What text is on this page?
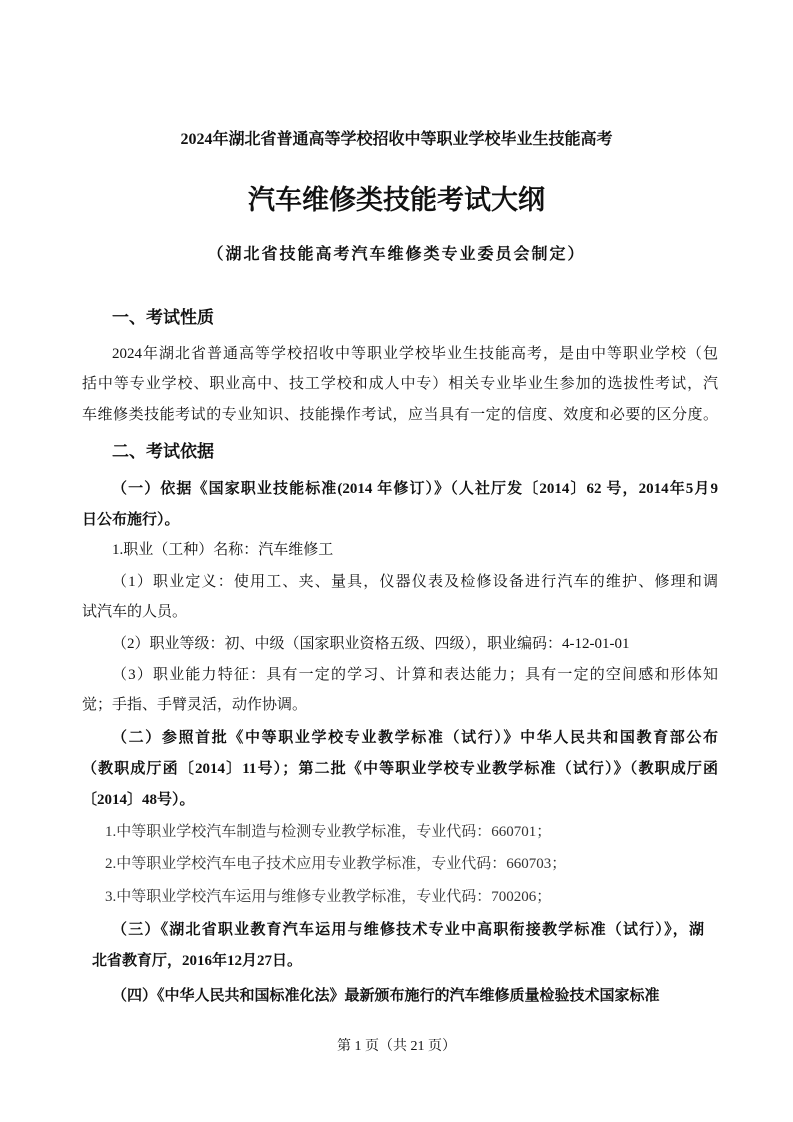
2024年湖北省普通高等学校招收中等职业学校毕业生技能高考
汽车维修类技能考试大纲
（湖北省技能高考汽车维修类专业委员会制定）
一、考试性质
2024年湖北省普通高等学校招收中等职业学校毕业生技能高考，是由中等职业学校（包
括中等专业学校、职业高中、技工学校和成人中专）相关专业毕业生参加的选拔性考试，汽
车维修类技能考试的专业知识、技能操作考试，应当具有一定的信度、效度和必要的区分度。
二、考试依据
（一）依据《国家职业技能标准(2014 年修订）》（人社厅发〔2014〕62 号，2014年5月9
日公布施行）。
1.职业（工种）名称：汽车维修工
（1）职业定义：使用工、夹、量具，仪器仪表及检修设备进行汽车的维护、修理和调
试汽车的人员。
（2）职业等级：初、中级（国家职业资格五级、四级），职业编码：4-12-01-01
（3）职业能力特征：具有一定的学习、计算和表达能力；具有一定的空间感和形体知
觉；手指、手臂灵活，动作协调。
（二）参照首批《中等职业学校专业教学标准（试行）》中华人民共和国教育部公布
（教职成厅函〔2014〕11号）；第二批《中等职业学校专业教学标准（试行）》（教职成厅函
〔2014〕48号）。
1.中等职业学校汽车制造与检测专业教学标准，专业代码：660701；
2.中等职业学校汽车电子技术应用专业教学标准，专业代码：660703；
3.中等职业学校汽车运用与维修专业教学标准，专业代码：700206；
（三）《湖北省职业教育汽车运用与维修技术专业中高职衔接教学标准（试行）》，湖
北省教育厅，2016年12月27日。
（四）《中华人民共和国标准化法》最新颁布施行的汽车维修质量检验技术国家标准
第 1 页（共 21 页）
